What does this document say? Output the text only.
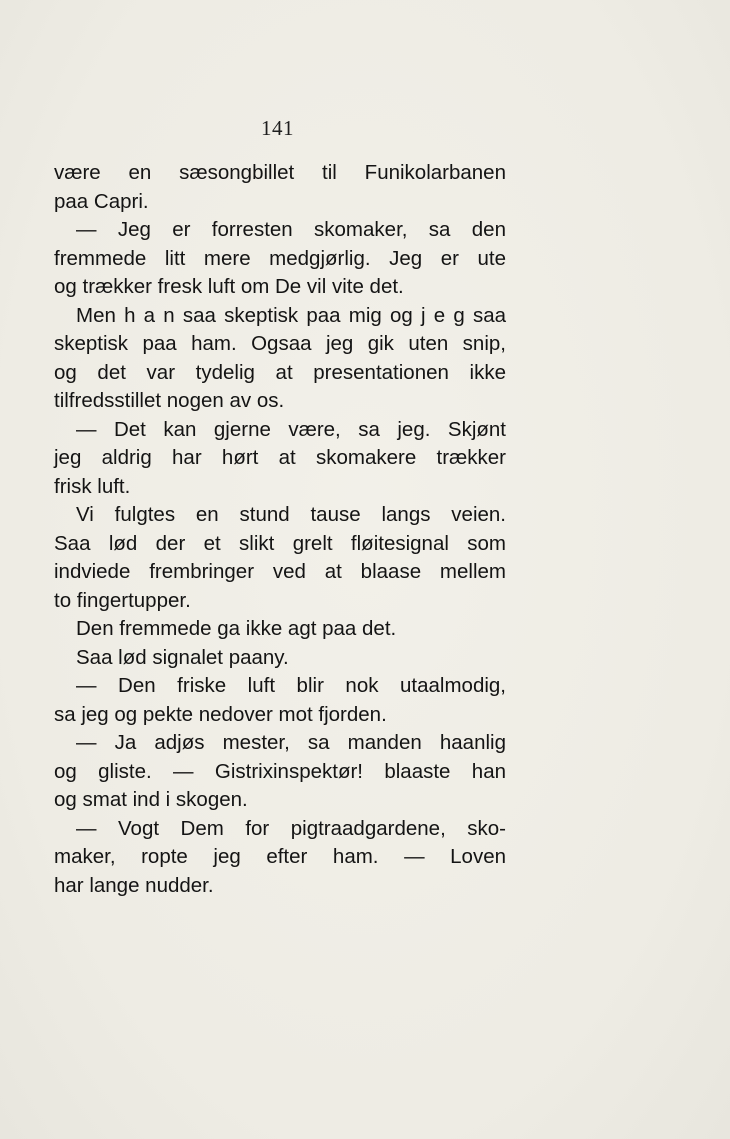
141
være en sæsongbillet til Funikolarbanen
paa Capri.
— Jeg er forresten skomaker, sa den
fremmede litt mere medgjørlig. Jeg er ute
og trækker fresk luft om De vil vite det.
Men h a n saa skeptisk paa mig og j e g saa
skeptisk paa ham. Ogsaa jeg gik uten snip,
og det var tydelig at presentationen ikke
tilfredsstillet nogen av os.
— Det kan gjerne være, sa jeg. Skjønt
jeg aldrig har hørt at skomakere trækker
frisk luft.
Vi fulgtes en stund tause langs veien.
Saa lød der et slikt grelt fløitesignal som
indviede frembringer ved at blaase mellem
to fingertupper.
Den fremmede ga ikke agt paa det.
Saa lød signalet paany.
— Den friske luft blir nok utaalmodig,
sa jeg og pekte nedover mot fjorden.
— Ja adjøs mester, sa manden haanlig
og gliste. — Gistrixinspektør! blaaste han
og smat ind i skogen.
— Vogt Dem for pigtraadgardene, sko-
maker, ropte jeg efter ham. — Loven
har lange nudder.
